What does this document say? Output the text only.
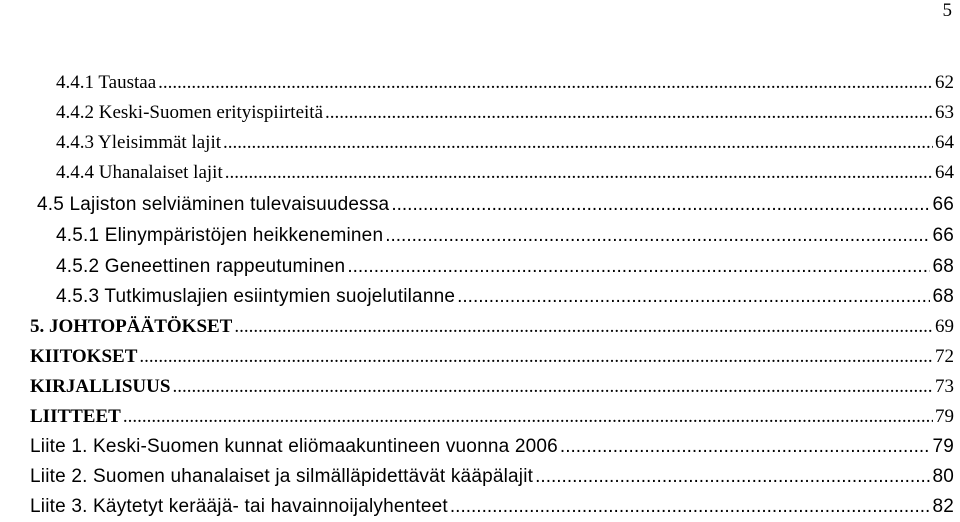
5
4.4.1 Taustaa .....	62
4.4.2 Keski-Suomen erityispiirteitä .....	63
4.4.3 Yleisimmät lajit .....	64
4.4.4 Uhanalaiset lajit .....	64
4.5 Lajiston selviäminen tulevaisuudessa .....	66
4.5.1 Elinympäristöjen heikkeneminen .....	66
4.5.2 Geneettinen rappeutuminen .....	68
4.5.3 Tutkimuslajien esiintymien suojelutilanne .....	68
5. JOHTOPÄÄTÖKSET .....	69
KIITOKSET .....	72
KIRJALLISUUS .....	73
LIITTEET .....	79
Liite 1. Keski-Suomen kunnat eliömaakuntineen vuonna 2006 .....	79
Liite 2. Suomen uhanalaiset ja silmälläpidettävät kääpälajit .....	80
Liite 3. Käytetyt kerääjä- tai havainnoijalyhenteet .....	82
